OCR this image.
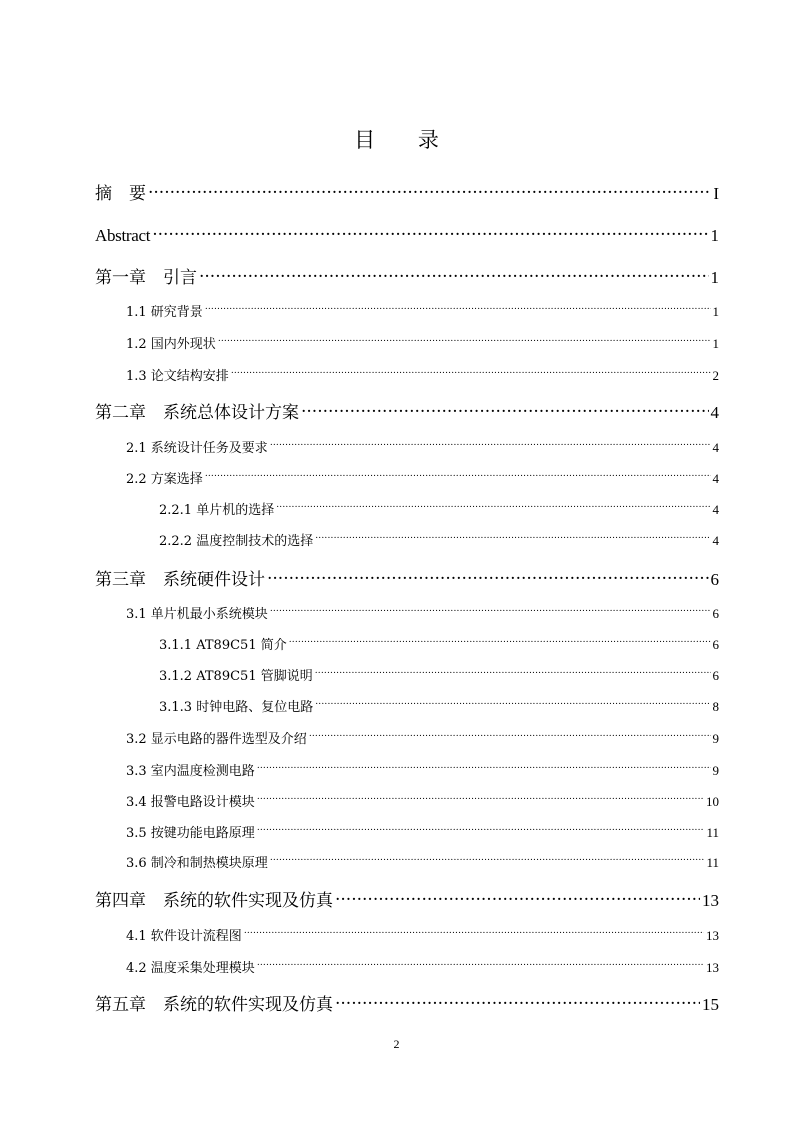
目 录
摘　要 .....	I
Abstract .....	1
第一章　引言 .....	1
1.1 研究背景 .....	1
1.2 国内外现状 .....	1
1.3 论文结构安排 .....	2
第二章　系统总体设计方案 .....	4
2.1 系统设计任务及要求 .....	4
2.2 方案选择 .....	4
2.2.1 单片机的选择 .....	4
2.2.2 温度控制技术的选择 .....	4
第三章　系统硬件设计 .....	6
3.1 单片机最小系统模块 .....	6
3.1.1 AT89C51 简介 .....	6
3.1.2 AT89C51 管脚说明 .....	6
3.1.3 时钟电路、复位电路 .....	8
3.2 显示电路的器件选型及介绍 .....	9
3.3 室内温度检测电路 .....	9
3.4 报警电路设计模块 .....	10
3.5 按键功能电路原理 .....	11
3.6 制冷和制热模块原理 .....	11
第四章　系统的软件实现及仿真 .....	13
4.1 软件设计流程图 .....	13
4.2 温度采集处理模块 .....	13
第五章　系统的软件实现及仿真 .....	15
2
